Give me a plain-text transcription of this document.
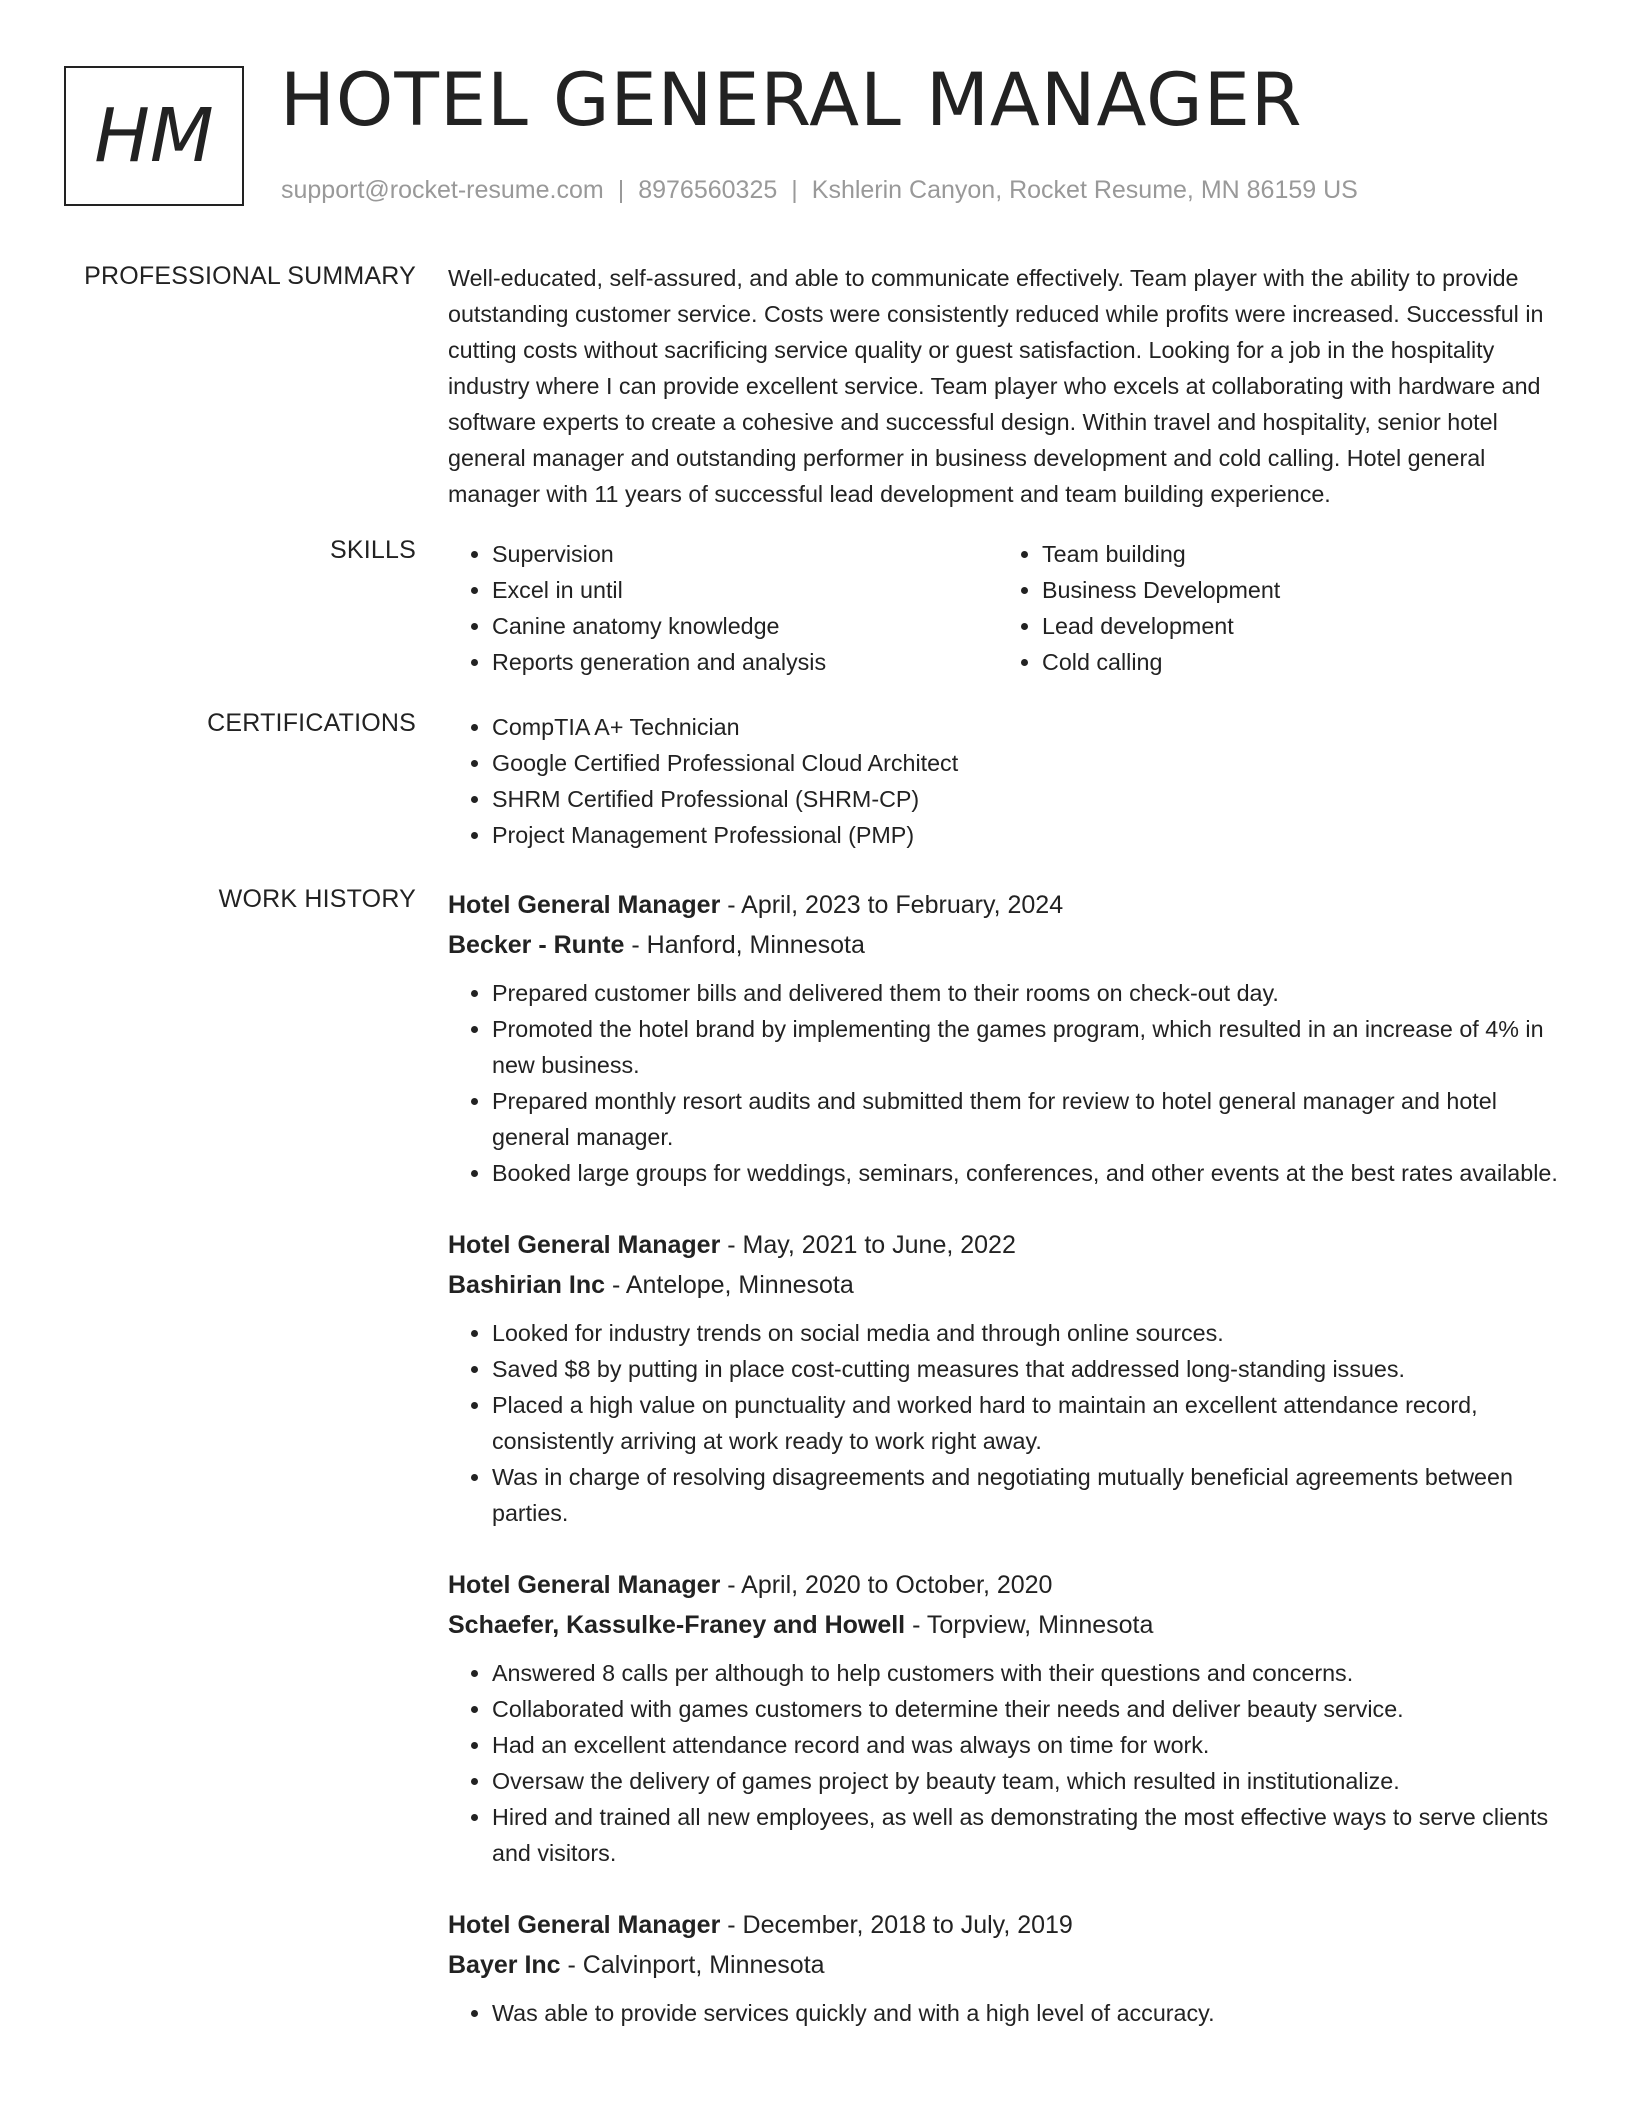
HM HOTEL GENERAL MANAGER
support@rocket-resume.com | 8976560325 | Kshlerin Canyon, Rocket Resume, MN 86159 US
PROFESSIONAL SUMMARY Well-educated, self-assured, and able to communicate effectively. Team player with the ability to provide outstanding customer service. Costs were consistently reduced while profits were increased. Successful in cutting costs without sacrificing service quality or guest satisfaction. Looking for a job in the hospitality industry where I can provide excellent service. Team player who excels at collaborating with hardware and software experts to create a cohesive and successful design. Within travel and hospitality, senior hotel general manager and outstanding performer in business development and cold calling. Hotel general manager with 11 years of successful lead development and team building experience.

SKILLS	• Supervision
• Excel in until
• Canine anatomy knowledge
• Reports generation and analysis
• Team building
• Business Development
• Lead development
• Cold calling
CERTIFICATIONS	• CompTIA A+ Technician
• Google Certified Professional Cloud Architect
• SHRM Certified Professional (SHRM-CP)
• Project Management Professional (PMP)
WORK HISTORY Hotel General Manager - April, 2023 to February, 2024
Becker - Runte - Hanford, Minnesota
• Prepared customer bills and delivered them to their rooms on check-out day.
• Promoted the hotel brand by implementing the games program, which resulted in an increase of 4% in new business.
• Prepared monthly resort audits and submitted them for review to hotel general manager and hotel general manager.
• Booked large groups for weddings, seminars, conferences, and other events at the best rates available.
Hotel General Manager - May, 2021 to June, 2022
Bashirian Inc - Antelope, Minnesota
• Looked for industry trends on social media and through online sources.
• Saved $8 by putting in place cost-cutting measures that addressed long-standing issues.
• Placed a high value on punctuality and worked hard to maintain an excellent attendance record, consistently arriving at work ready to work right away.
• Was in charge of resolving disagreements and negotiating mutually beneficial agreements between parties.
Hotel General Manager - April, 2020 to October, 2020
Schaefer, Kassulke-Franey and Howell - Torpview, Minnesota
• Answered 8 calls per although to help customers with their questions and concerns.
• Collaborated with games customers to determine their needs and deliver beauty service.
• Had an excellent attendance record and was always on time for work.
• Oversaw the delivery of games project by beauty team, which resulted in institutionalize.
• Hired and trained all new employees, as well as demonstrating the most effective ways to serve clients and visitors.
Hotel General Manager - December, 2018 to July, 2019
Bayer Inc - Calvinport, Minnesota
• Was able to provide services quickly and with a high level of accuracy.
